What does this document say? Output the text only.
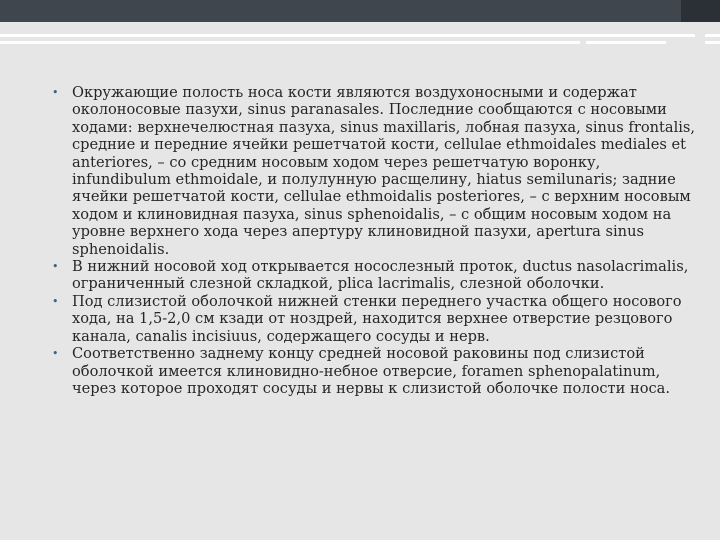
• Окружающие полость носа кости являются воздухоносными и содержат околоносовые пазухи, sinus paranasales. Последние сообщаются с носовыми ходами: верхнечелюстная пазуха, sinus maxillaris, лобная пазуха, sinus frontalis, средние и передние ячейки решетчатой кости, cellulae ethmoidales mediales et anteriores, – со средним носовым ходом через решетчатую воронку, infundibulum ethmoidale, и полулунную расщелину, hiatus semilunaris; задние ячейки решетчатой кости, cellulae ethmoidalis posteriores, – с верхним носовым ходом и клиновидная пазуха, sinus sphenoidalis, – с общим носовым ходом на уровне верхнего хода через апертуру клиновидной пазухи, apertura sinus sphenoidalis.
• В нижний носовой ход открывается носослезный проток, ductus nasolacrimalis, ограниченный слезной складкой, plica lacrimalis, слезной оболочки.
• Под слизистой оболочкой нижней стенки переднего участка общего носового хода, на 1,5-2,0 см кзади от ноздрей, находится верхнее отверстие резцового канала, canalis incisiuus, содержащего сосуды и нерв.
• Соответственно заднему концу средней носовой раковины под слизистой оболочкой имеется клиновидно-небное отверсие, foramen sphenopalatinum, через которое проходят сосуды и нервы к слизистой оболочке полости носа.
